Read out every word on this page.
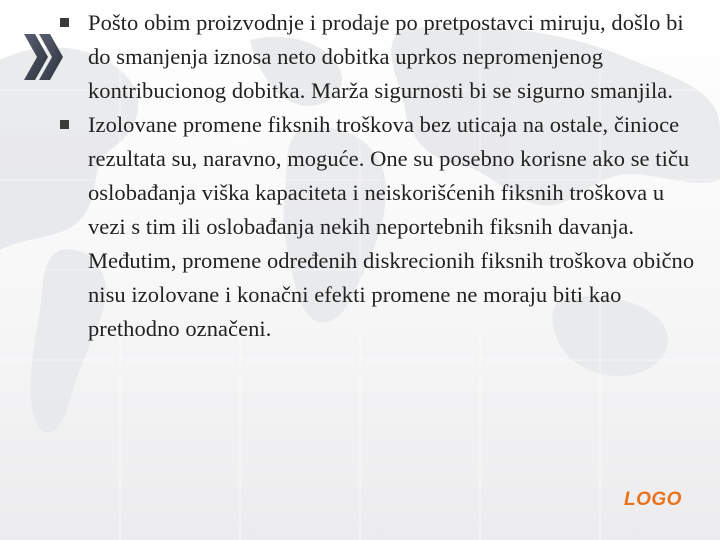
Pošto obim proizvodnje i prodaje po pretpostavci miruju, došlo bi do smanjenja iznosa neto dobitka uprkos nepromenjenog kontribucionog dobitka. Marža sigurnosti bi se sigurno smanjila.
Izolovane promene fiksnih troškova bez uticaja na ostale, činioce rezultata su, naravno, moguće. One su posebno korisne ako se tiču oslobađanja viška kapaciteta i neiskorišćenih fiksnih troškova u vezi s tim ili oslobađanja nekih neportebnih fiksnih davanja. Međutim, promene određenih diskrecionih fiksnih troškova obično nisu izolovane i konačni efekti promene ne moraju biti kao prethodno označeni.
LOGO
